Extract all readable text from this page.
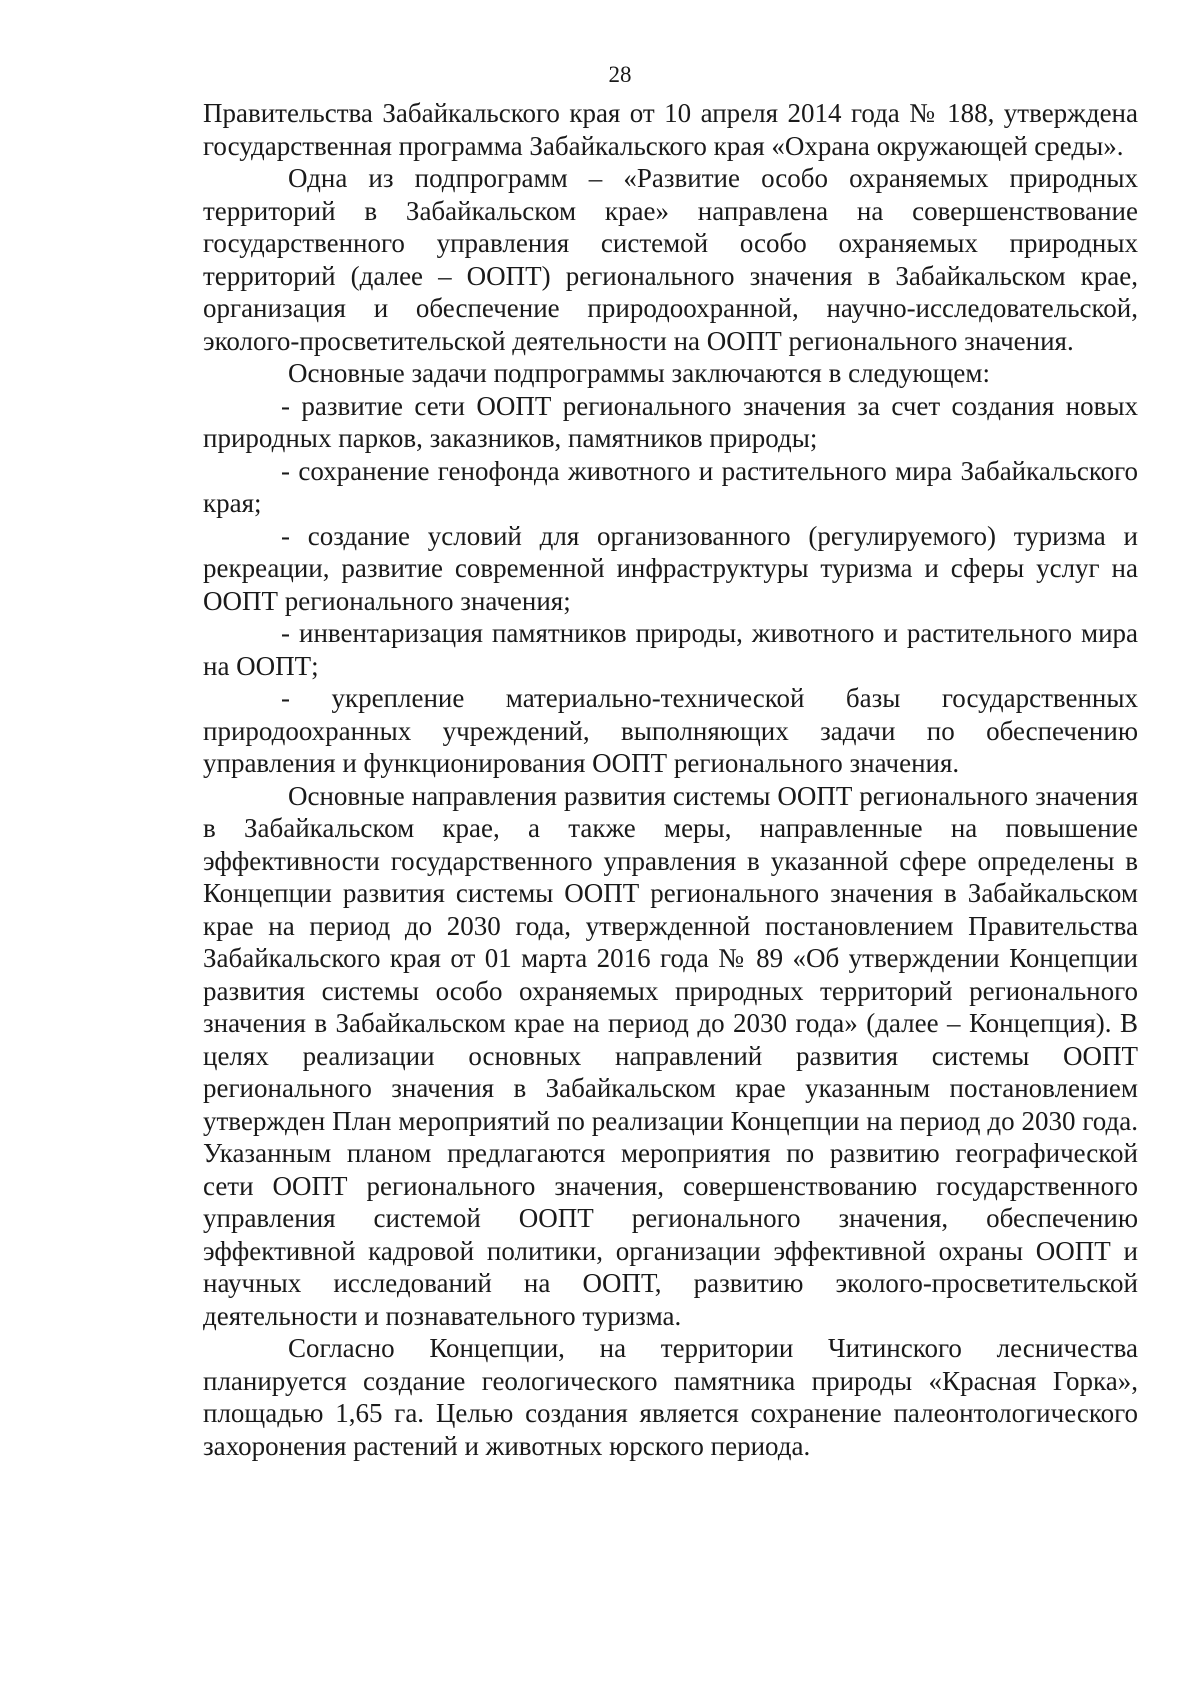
28

Правительства Забайкальского края от 10 апреля 2014 года № 188, утверждена государственная программа Забайкальского края «Охрана окружающей среды».

Одна из подпрограмм – «Развитие особо охраняемых природных территорий в Забайкальском крае» направлена на совершенствование государственного управления системой особо охраняемых природных территорий (далее – ООПТ) регионального значения в Забайкальском крае, организация и обеспечение природоохранной, научно-исследовательской, эколого-просветительской деятельности на ООПТ регионального значения.

Основные задачи подпрограммы заключаются в следующем:

- развитие сети ООПТ регионального значения за счет создания новых природных парков, заказников, памятников природы;

- сохранение генофонда животного и растительного мира Забайкальского края;

- создание условий для организованного (регулируемого) туризма и рекреации, развитие современной инфраструктуры туризма и сферы услуг на ООПТ регионального значения;

- инвентаризация памятников природы, животного и растительного мира на ООПТ;

- укрепление материально-технической базы государственных природоохранных учреждений, выполняющих задачи по обеспечению управления и функционирования ООПТ регионального значения.

Основные направления развития системы ООПТ регионального значения в Забайкальском крае, а также меры, направленные на повышение эффективности государственного управления в указанной сфере определены в Концепции развития системы ООПТ регионального значения в Забайкальском крае на период до 2030 года, утвержденной постановлением Правительства Забайкальского края от 01 марта 2016 года № 89 «Об утверждении Концепции развития системы особо охраняемых природных территорий регионального значения в Забайкальском крае на период до 2030 года» (далее – Концепция). В целях реализации основных направлений развития системы ООПТ регионального значения в Забайкальском крае указанным постановлением утвержден План мероприятий по реализации Концепции на период до 2030 года. Указанным планом предлагаются мероприятия по развитию географической сети ООПТ регионального значения, совершенствованию государственного управления системой ООПТ регионального значения, обеспечению эффективной кадровой политики, организации эффективной охраны ООПТ и научных исследований на ООПТ, развитию эколого-просветительской деятельности и познавательного туризма.

Согласно Концепции, на территории Читинского лесничества планируется создание геологического памятника природы «Красная Горка», площадью 1,65 га. Целью создания является сохранение палеонтологического захоронения растений и животных юрского периода.
